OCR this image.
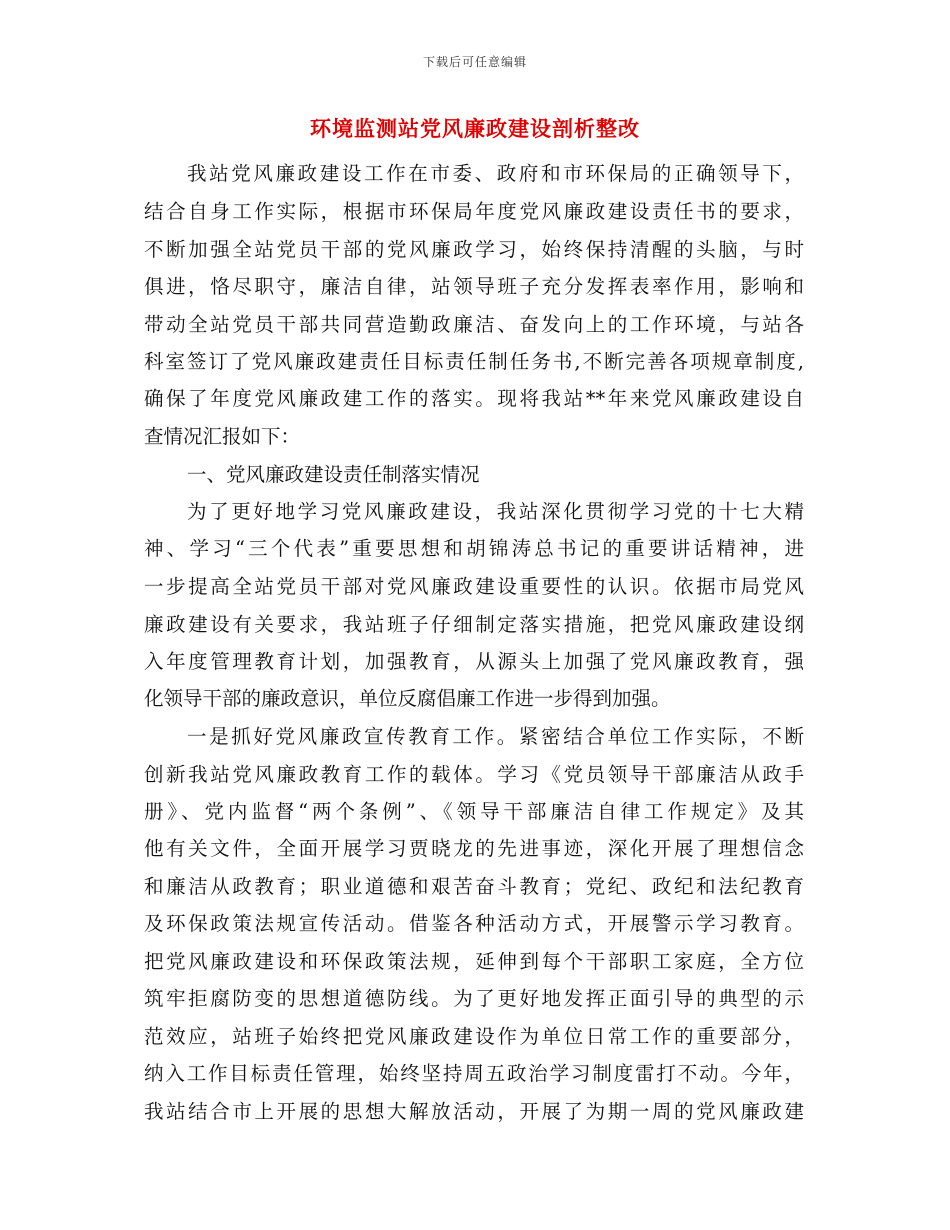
下载后可任意编辑
环境监测站党风廉政建设剖析整改
我站党风廉政建设工作在市委、政府和市环保局的正确领导下，
结合自身工作实际，根据市环保局年度党风廉政建设责任书的要求，
不断加强全站党员干部的党风廉政学习，始终保持清醒的头脑，与时
俱进，恪尽职守，廉洁自律，站领导班子充分发挥表率作用，影响和
带动全站党员干部共同营造勤政廉洁、奋发向上的工作环境，与站各
科室签订了党风廉政建责任目标责任制任务书,不断完善各项规章制度,
确保了年度党风廉政建工作的落实。现将我站**年来党风廉政建设自
查情况汇报如下：
一、党风廉政建设责任制落实情况
为了更好地学习党风廉政建设，我站深化贯彻学习党的十七大精
神、学习“三个代表”重要思想和胡锦涛总书记的重要讲话精神，进
一步提高全站党员干部对党风廉政建设重要性的认识。依据市局党风
廉政建设有关要求，我站班子仔细制定落实措施，把党风廉政建设纲
入年度管理教育计划，加强教育，从源头上加强了党风廉政教育，强
化领导干部的廉政意识，单位反腐倡廉工作进一步得到加强。
一是抓好党风廉政宣传教育工作。紧密结合单位工作实际，不断
创新我站党风廉政教育工作的载体。学习《党员领导干部廉洁从政手
册》、党内监督“两个条例”、《领导干部廉洁自律工作规定》及其
他有关文件，全面开展学习贾晓龙的先进事迹，深化开展了理想信念
和廉洁从政教育；职业道德和艰苦奋斗教育；党纪、政纪和法纪教育
及环保政策法规宣传活动。借鉴各种活动方式，开展警示学习教育。
把党风廉政建设和环保政策法规，延伸到每个干部职工家庭，全方位
筑牢拒腐防变的思想道德防线。为了更好地发挥正面引导的典型的示
范效应，站班子始终把党风廉政建设作为单位日常工作的重要部分，
纳入工作目标责任管理，始终坚持周五政治学习制度雷打不动。今年，
我站结合市上开展的思想大解放活动，开展了为期一周的党风廉政建
